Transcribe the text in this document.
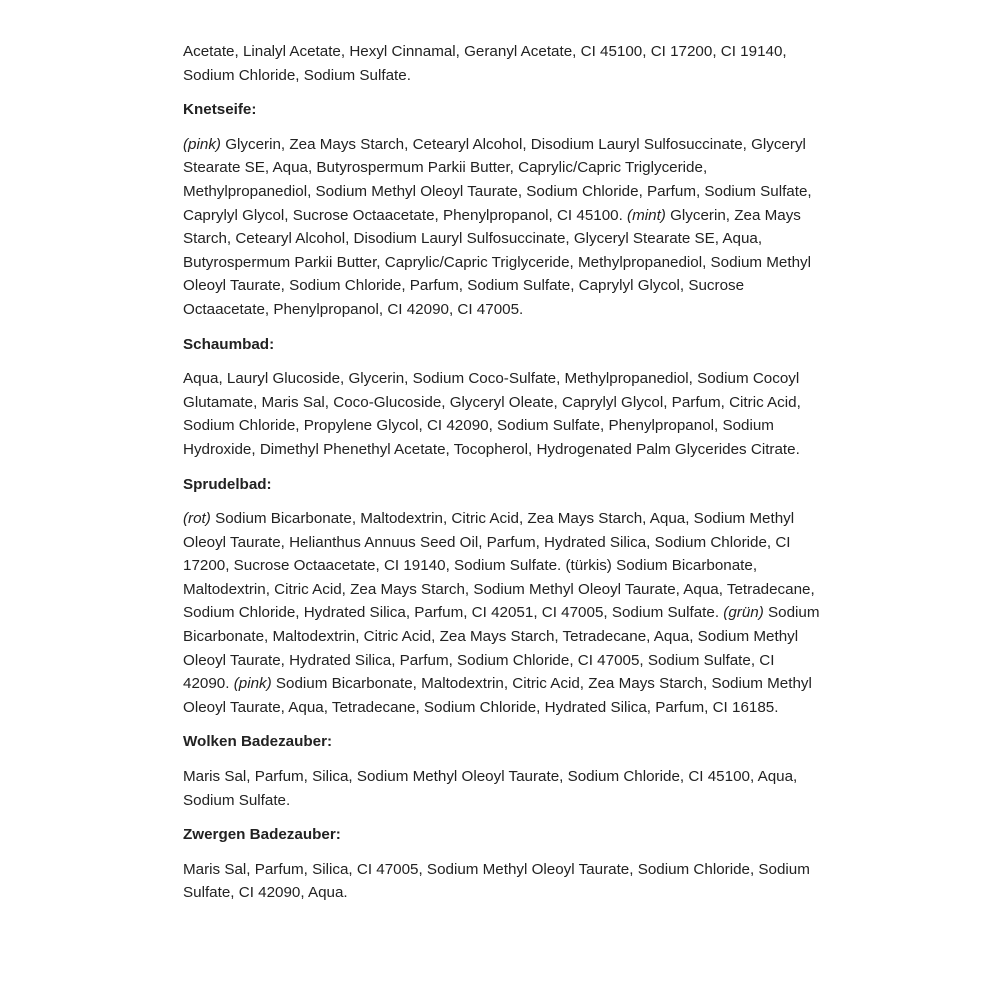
Acetate, Linalyl Acetate, Hexyl Cinnamal, Geranyl Acetate, CI 45100, CI 17200, CI 19140, Sodium Chloride, Sodium Sulfate.

Knetseife:

(pink) Glycerin, Zea Mays Starch, Cetearyl Alcohol, Disodium Lauryl Sulfosuccinate, Glyceryl Stearate SE, Aqua, Butyrospermum Parkii Butter, Caprylic/Capric Triglyceride, Methylpropanediol, Sodium Methyl Oleoyl Taurate, Sodium Chloride, Parfum, Sodium Sulfate, Caprylyl Glycol, Sucrose Octaacetate, Phenylpropanol, CI 45100. (mint) Glycerin, Zea Mays Starch, Cetearyl Alcohol, Disodium Lauryl Sulfosuccinate, Glyceryl Stearate SE, Aqua, Butyrospermum Parkii Butter, Caprylic/Capric Triglyceride, Methylpropanediol, Sodium Methyl Oleoyl Taurate, Sodium Chloride, Parfum, Sodium Sulfate, Caprylyl Glycol, Sucrose Octaacetate, Phenylpropanol, CI 42090, CI 47005.

Schaumbad:

Aqua, Lauryl Glucoside, Glycerin, Sodium Coco-Sulfate, Methylpropanediol, Sodium Cocoyl Glutamate, Maris Sal, Coco-Glucoside, Glyceryl Oleate, Caprylyl Glycol, Parfum, Citric Acid, Sodium Chloride, Propylene Glycol, CI 42090, Sodium Sulfate, Phenylpropanol, Sodium Hydroxide, Dimethyl Phenethyl Acetate, Tocopherol, Hydrogenated Palm Glycerides Citrate.

Sprudelbad:

(rot) Sodium Bicarbonate, Maltodextrin, Citric Acid, Zea Mays Starch, Aqua, Sodium Methyl Oleoyl Taurate, Helianthus Annuus Seed Oil, Parfum, Hydrated Silica, Sodium Chloride, CI 17200, Sucrose Octaacetate, CI 19140, Sodium Sulfate. (türkis) Sodium Bicarbonate, Maltodextrin, Citric Acid, Zea Mays Starch, Sodium Methyl Oleoyl Taurate, Aqua, Tetradecane, Sodium Chloride, Hydrated Silica, Parfum, CI 42051, CI 47005, Sodium Sulfate. (grün) Sodium Bicarbonate, Maltodextrin, Citric Acid, Zea Mays Starch, Tetradecane, Aqua, Sodium Methyl Oleoyl Taurate, Hydrated Silica, Parfum, Sodium Chloride, CI 47005, Sodium Sulfate, CI 42090. (pink) Sodium Bicarbonate, Maltodextrin, Citric Acid, Zea Mays Starch, Sodium Methyl Oleoyl Taurate, Aqua, Tetradecane, Sodium Chloride, Hydrated Silica, Parfum, CI 16185.

Wolken Badezauber:

Maris Sal, Parfum, Silica, Sodium Methyl Oleoyl Taurate, Sodium Chloride, CI 45100, Aqua, Sodium Sulfate.

Zwergen Badezauber:

Maris Sal, Parfum, Silica, CI 47005, Sodium Methyl Oleoyl Taurate, Sodium Chloride, Sodium Sulfate, CI 42090, Aqua.
